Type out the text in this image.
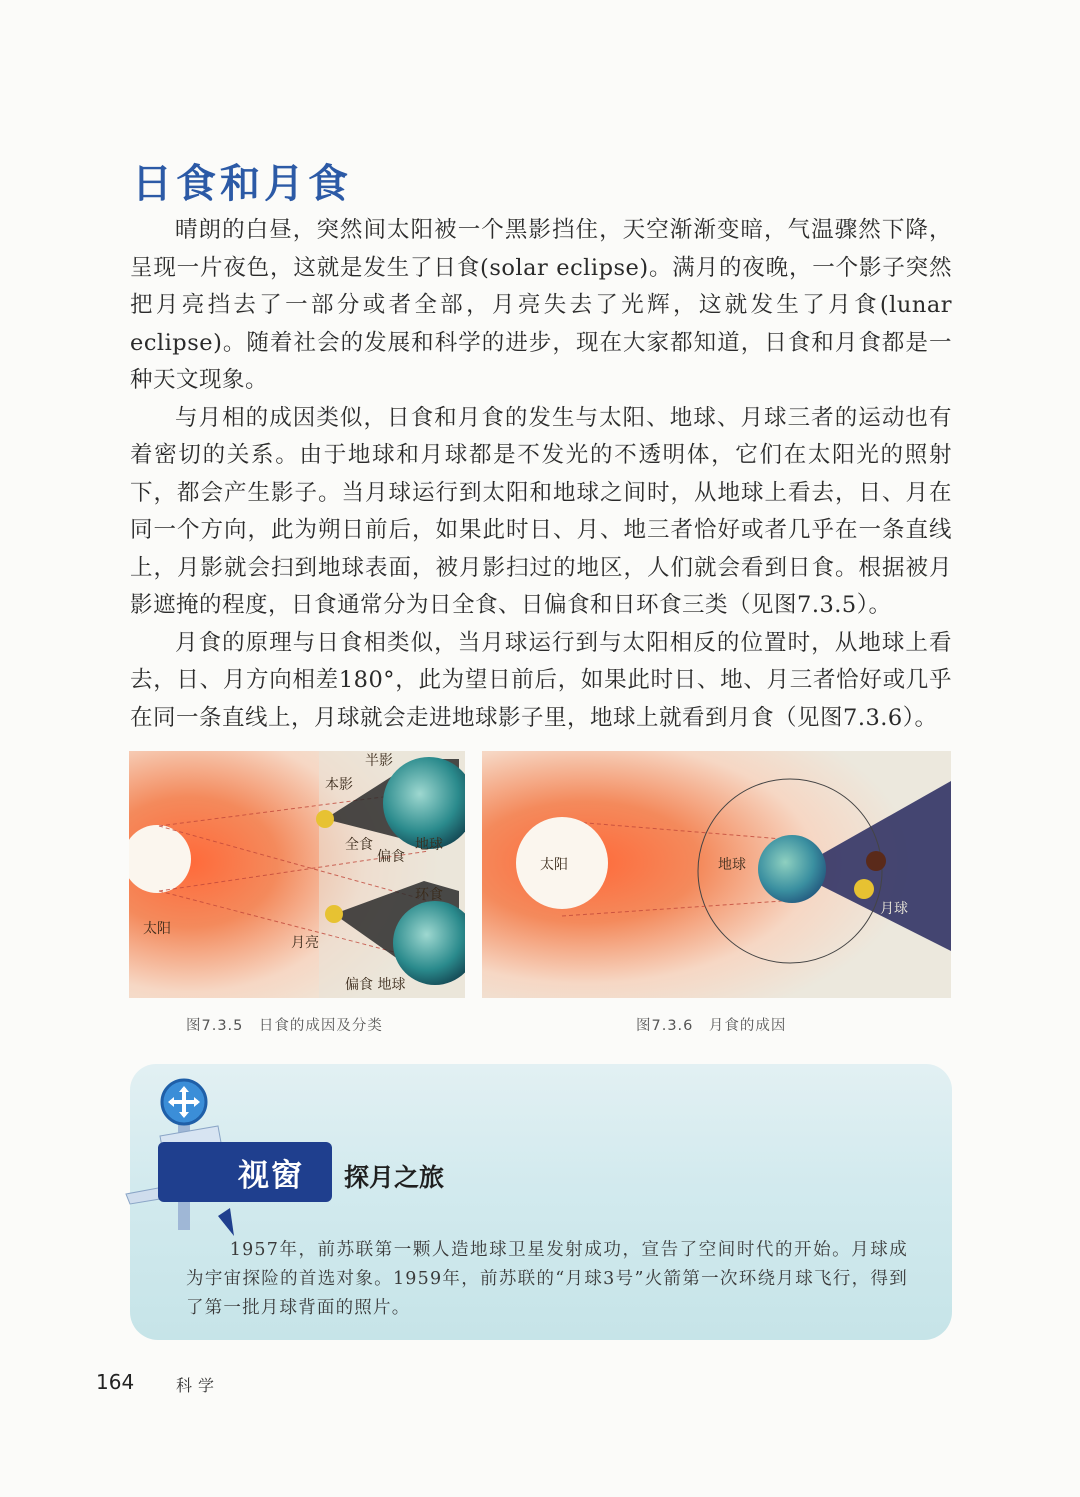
日食和月食

晴朗的白昼，突然间太阳被一个黑影挡住，天空渐渐变暗，气温骤然下降，呈现一片夜色，这就是发生了日食(solar eclipse)。满月的夜晚，一个影子突然把月亮挡去了一部分或者全部，月亮失去了光辉，这就发生了月食(lunar eclipse)。随着社会的发展和科学的进步，现在大家都知道，日食和月食都是一种天文现象。

与月相的成因类似，日食和月食的发生与太阳、地球、月球三者的运动也有着密切的关系。由于地球和月球都是不发光的不透明体，它们在太阳光的照射下，都会产生影子。当月球运行到太阳和地球之间时，从地球上看去，日、月在同一个方向，此为朔日前后，如果此时日、月、地三者恰好或者几乎在一条直线上，月影就会扫到地球表面，被月影扫过的地区，人们就会看到日食。根据被月影遮掩的程度，日食通常分为日全食、日偏食和日环食三类（见图7.3.5）。

月食的原理与日食相类似，当月球运行到与太阳相反的位置时，从地球上看去，日、月方向相差180°，此为望日前后，如果此时日、地、月三者恰好或几乎在同一条直线上，月球就会走进地球影子里，地球上就看到月食（见图7.3.6）。

半影
本影
全食
偏食
地球
环食
太阳
月亮
偏食 地球
太阳	地球
月球
图7.3.5　日食的成因及分类	图7.3.6　月食的成因
视窗 探月之旅

1957年，前苏联第一颗人造地球卫星发射成功，宣告了空间时代的开始。月球成为宇宙探险的首选对象。1959年，前苏联的“月球3号”火箭第一次环绕月球飞行，得到了第一批月球背面的照片。

164	科学
